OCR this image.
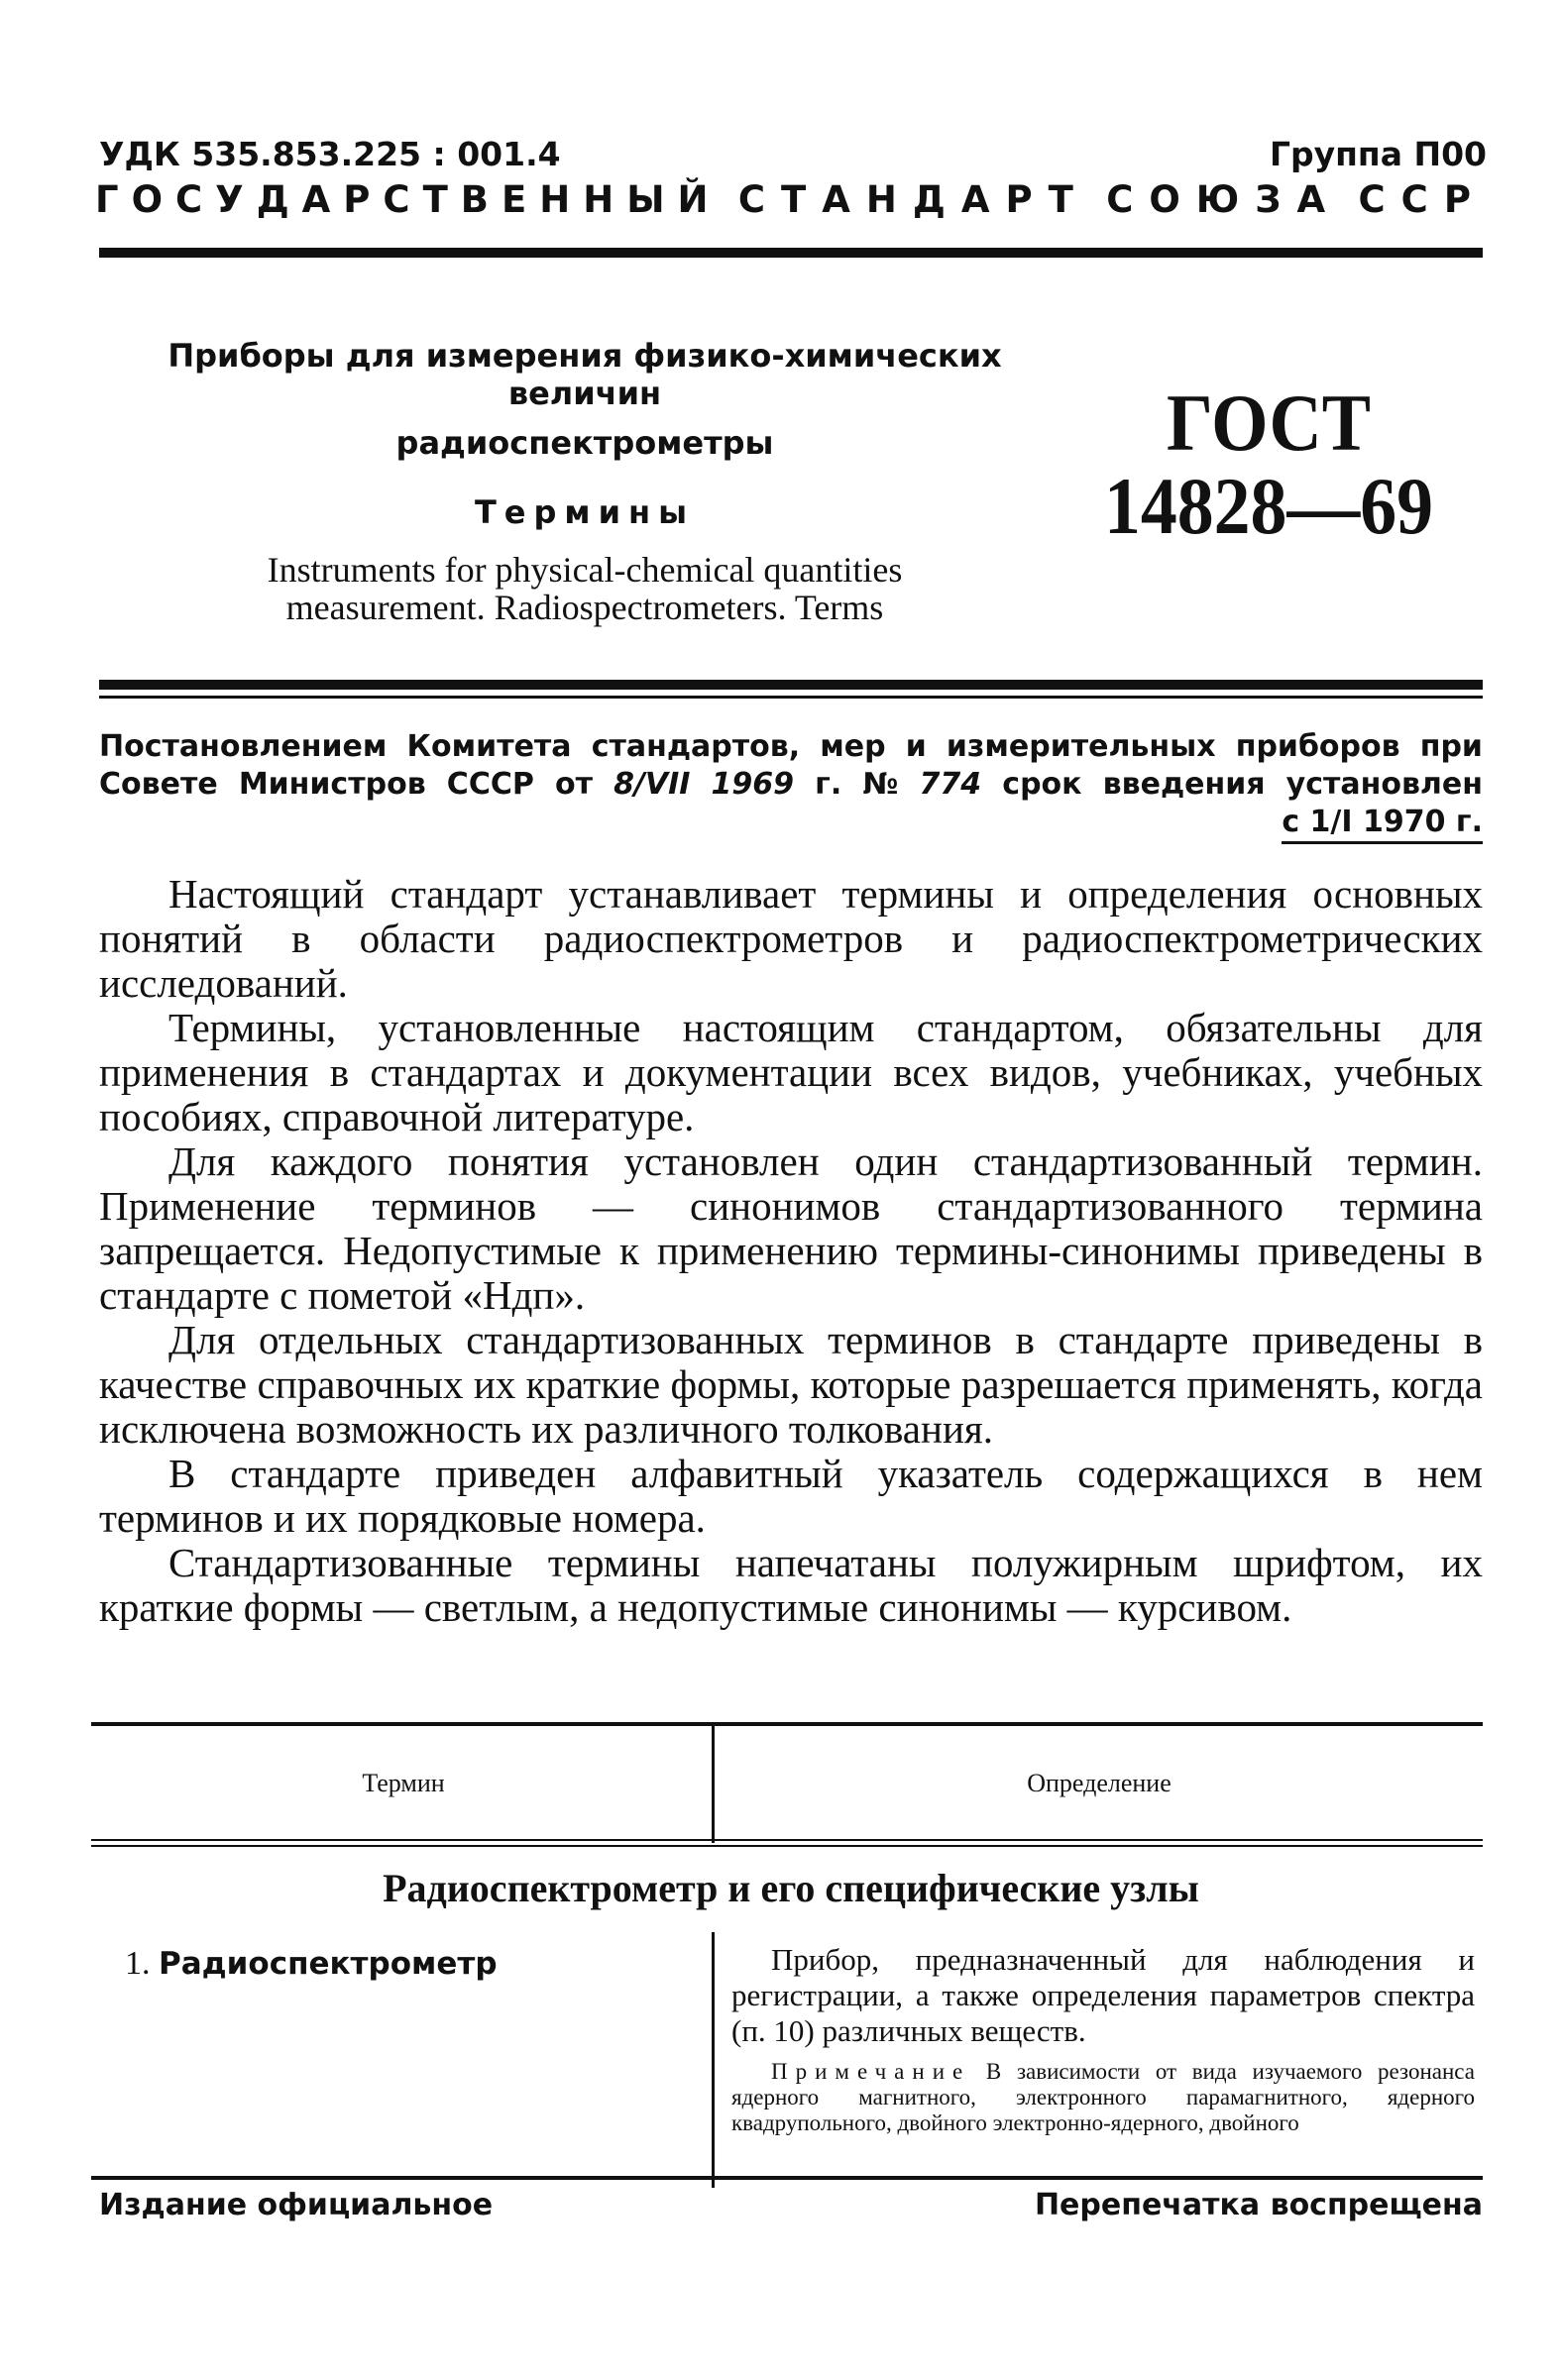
УДК 535.853.225 : 001.4	Группа П00
ГОСУДАРСТВЕННЫЙ СТАНДАРТ СОЮЗА ССР
Приборы для измерения физико-химических величин
радиоспектрометры
Термины
Instruments for physical-chemical quantities
measurement. Radiospectrometers. Terms
ГОСТ
14828—69
Постановлением Комитета стандартов, мер и измерительных приборов при
Совете Министров СССР от 8/VII 1969 г. № 774 срок введения установлен
с 1/I 1970 г.

Настоящий стандарт устанавливает термины и определения основных понятий в области радиоспектрометров и радиоспектрометрических исследований.

Термины, установленные настоящим стандартом, обязательны для применения в стандартах и документации всех видов, учебниках, учебных пособиях, справочной литературе.

Для каждого понятия установлен один стандартизованный термин. Применение терминов — синонимов стандартизованного термина запрещается. Недопустимые к применению термины-синонимы приведены в стандарте с пометой «Ндп».

Для отдельных стандартизованных терминов в стандарте приведены в качестве справочных их краткие формы, которые разрешается применять, когда исключена возможность их различного толкования.

В стандарте приведен алфавитный указатель содержащихся в нем терминов и их порядковые номера.

Стандартизованные термины напечатаны полужирным шрифтом, их краткие формы — светлым, а недопустимые синонимы — курсивом.

Термин	Определение
Радиоспектрометр и его специфические узлы
1. Радиоспектрометр	Прибор, предназначенный для наблюдения и регистрации, а также определения параметров спектра (п. 10) различных веществ.

Примечание В зависимости от вида изучаемого резонанса ядерного магнитного, электронного парамагнитного, ядерного квадрупольного, двойного электронно-ядерного, двойного

Издание официальное	Перепечатка воспрещена
